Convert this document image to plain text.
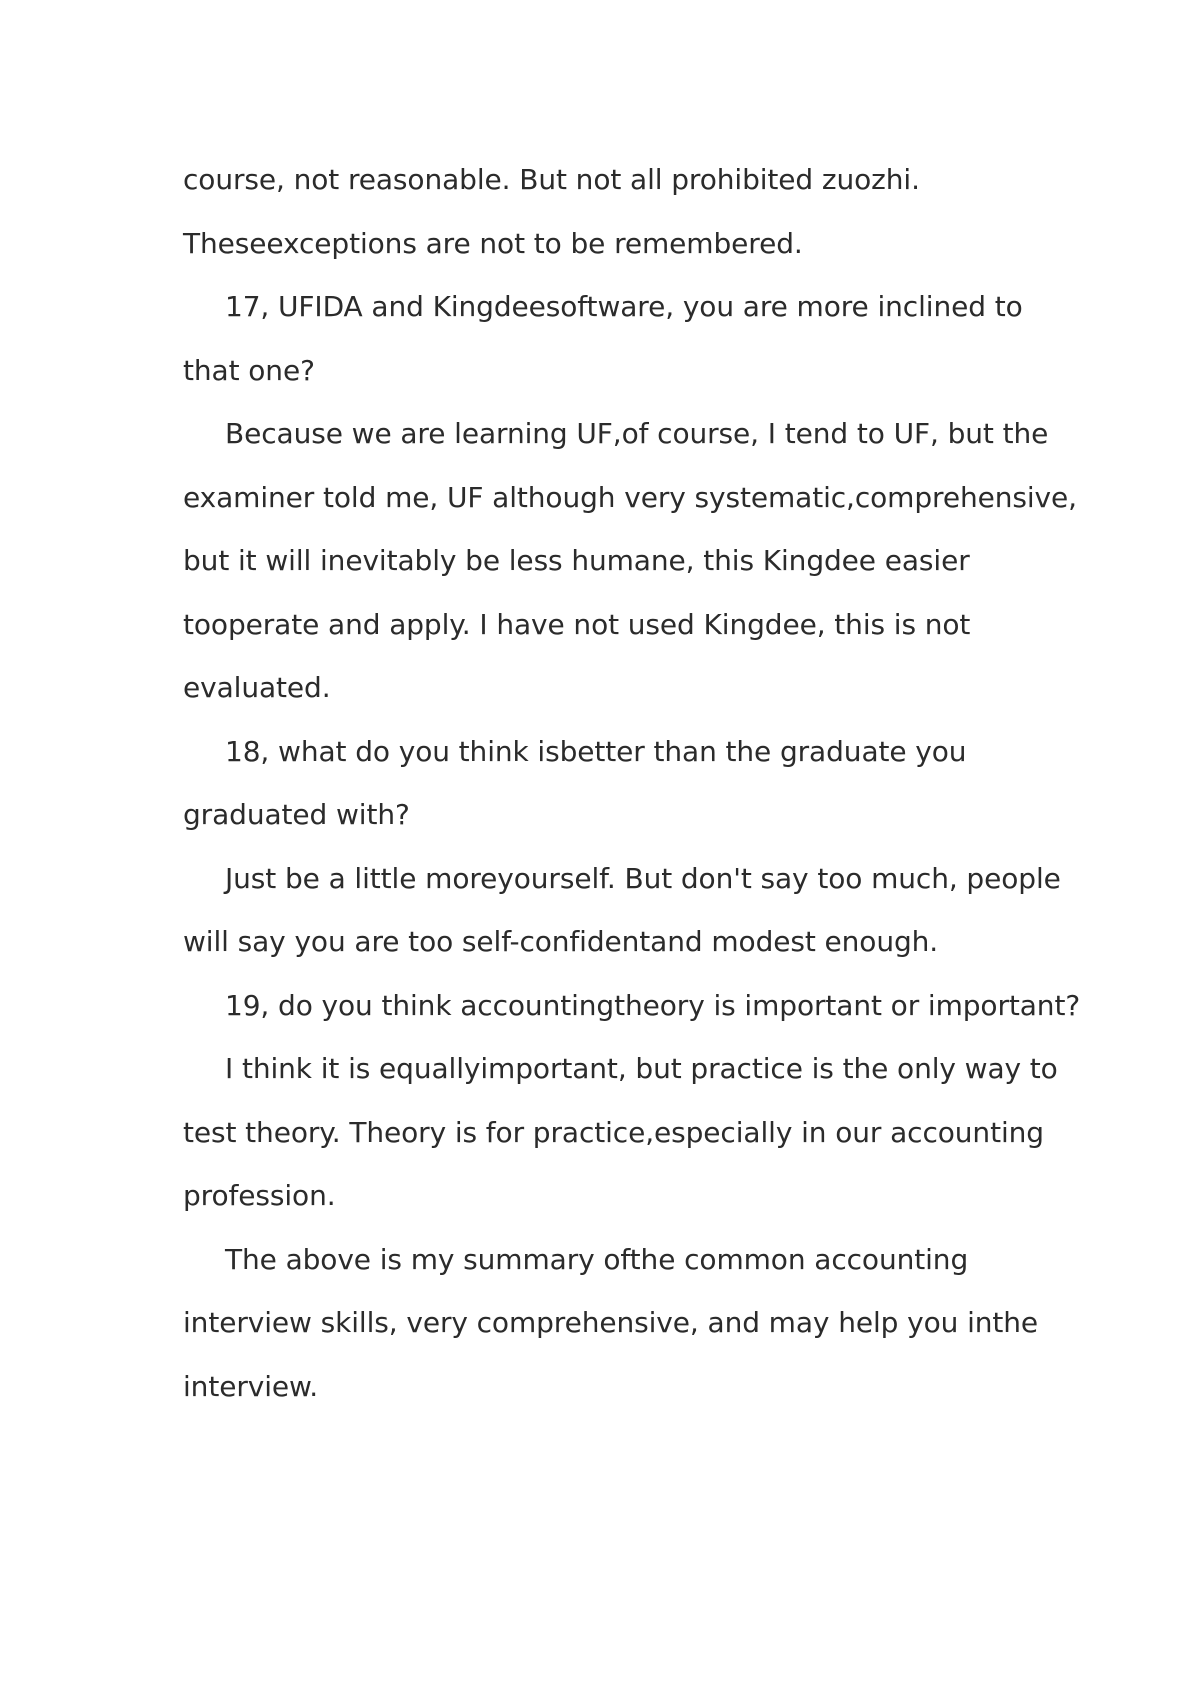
course, not reasonable. But not all prohibited zuozhi.
Theseexceptions are not to be remembered.
17, UFIDA and Kingdeesoftware, you are more inclined to
that one?
Because we are learning UF,of course, I tend to UF, but the
examiner told me, UF although very systematic,comprehensive,
but it will inevitably be less humane, this Kingdee easier
tooperate and apply. I have not used Kingdee, this is not
evaluated.
18, what do you think isbetter than the graduate you
graduated with?
Just be a little moreyourself. But don't say too much, people
will say you are too self-confidentand modest enough.
19, do you think accountingtheory is important or important?
I think it is equallyimportant, but practice is the only way to
test theory. Theory is for practice,especially in our accounting
profession.
The above is my summary ofthe common accounting
interview skills, very comprehensive, and may help you inthe
interview.
